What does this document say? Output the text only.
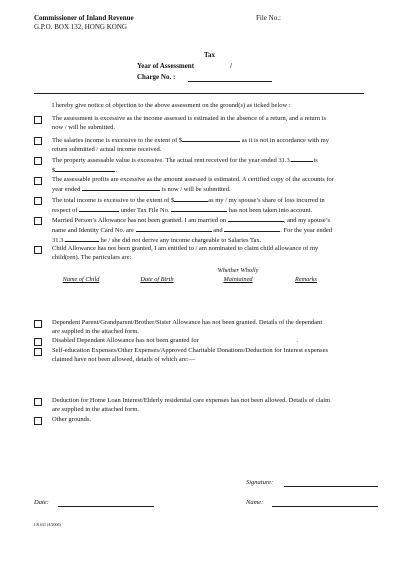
Commissioner of Inland Revenue
G.P.O. BOX 132, HONG KONG
File No.:
Tax
Year of Assessment	/
Charge No. :
I hereby give notice of objection to the above assessment on the ground(s) as ticked below :
The assessment is excessive as the income assessed is estimated in the absence of a return, and a return is
now / will be submitted.
The salaries income is excessive to the extent of $	as it is not in accordance with my
return submitted / actual income received.
The property assessable value is excessive. The actual rent received for the year ended 31.3.	is
$	.
The assessable profits are excessive as the amount assessed is estimated. A certified copy of the accounts for
year ended	is now / will be submitted.
The total income is excessive to the extent of $	as my / my spouse’s share of loss incurred in
respect of	under Tax File No.	has not been taken into account.
Married Person’s Allowance has not been granted. I am married on	, and my spouse’s
name and Identity Card No. are	and	. For the year ended
31.3.	he / she did not derive any income chargeable to Salaries Tax.
Child Allowance has not been granted, I am entitled to / am nominated to claim child allowance of my
child(ren). The particulars are:
Whether Wholly
Name of Child	Date of Birth	Maintained	Remarks
Dependent Parent/Grandparent/Brother/Sister Allowance has not been granted. Details of the dependant
are supplied in the attached form.
Disabled Dependant Allowance has not been granted for	.
Self-education Expenses/Other Expenses/Approved Charitable Donations/Deduction for Interest expenses
claimed have not been allowed, details of which are:—
Deduction for Home Loan Interest/Elderly residential care expenses has not been allowed. Details of claim
are supplied in the attached form.
Other grounds.
Signature:
Date:	Name:
I.R.631 (4/2006)
